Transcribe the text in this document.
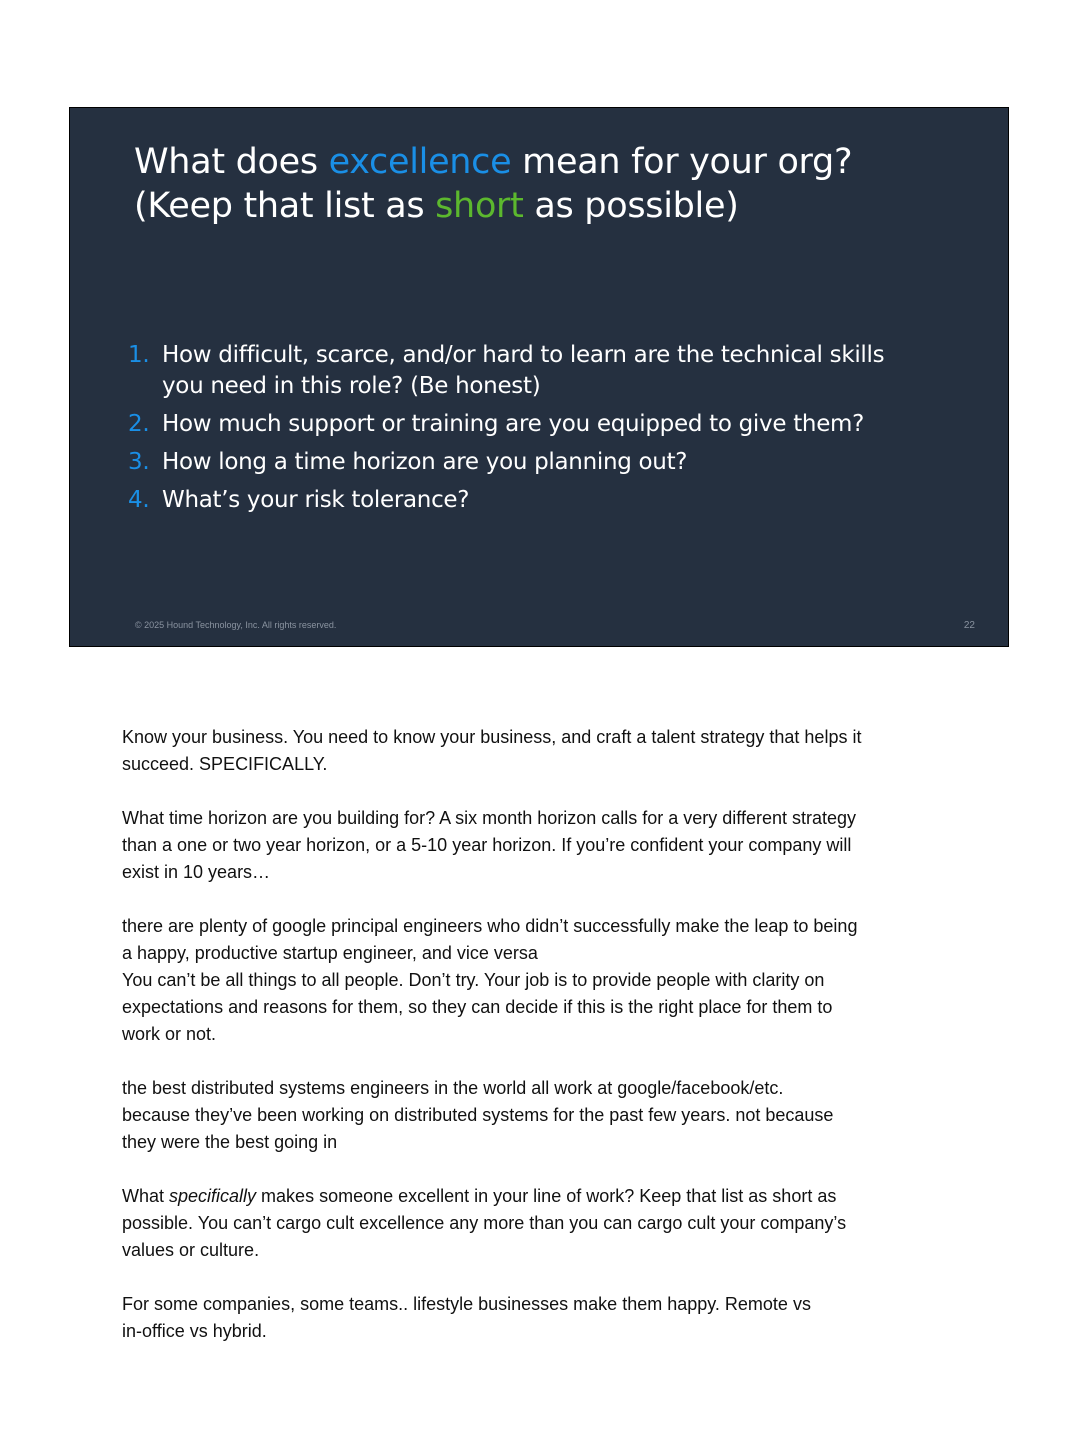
What does excellence mean for your org?
(Keep that list as short as possible)
1. How difficult, scarce, and/or hard to learn are the technical skills
you need in this role? (Be honest)
2. How much support or training are you equipped to give them?
3. How long a time horizon are you planning out?
4. What’s your risk tolerance?
© 2025 Hound Technology, Inc. All rights reserved.	22

Know your business. You need to know your business, and craft a talent strategy that helps it
succeed. SPECIFICALLY.

What time horizon are you building for? A six month horizon calls for a very different strategy
than a one or two year horizon, or a 5-10 year horizon. If you’re confident your company will
exist in 10 years…

there are plenty of google principal engineers who didn’t successfully make the leap to being
a happy, productive startup engineer, and vice versa

You can’t be all things to all people. Don’t try. Your job is to provide people with clarity on
expectations and reasons for them, so they can decide if this is the right place for them to
work or not.

the best distributed systems engineers in the world all work at google/facebook/etc.
because they’ve been working on distributed systems for the past few years. not because
they were the best going in

What specifically makes someone excellent in your line of work? Keep that list as short as
possible. You can’t cargo cult excellence any more than you can cargo cult your company’s
values or culture.

For some companies, some teams.. lifestyle businesses make them happy. Remote vs
in-office vs hybrid.
